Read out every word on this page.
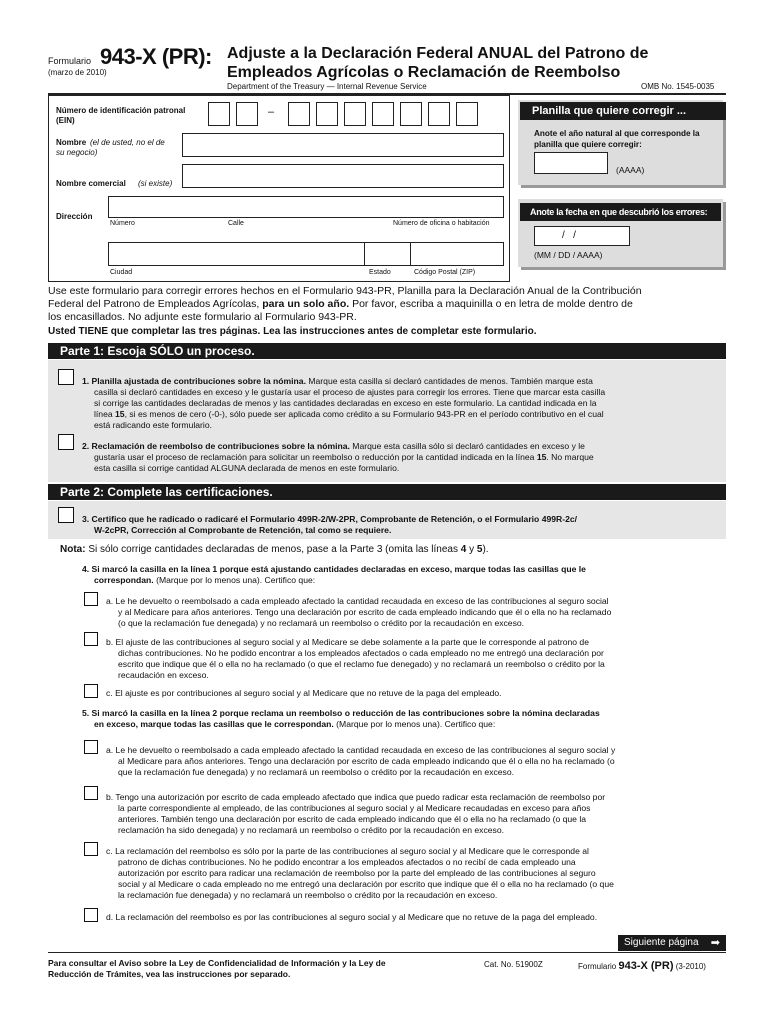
Formulario 943-X (PR):
(marzo de 2010)
Adjuste a la Declaración Federal ANUAL del Patrono de
Empleados Agrícolas o Reclamación de Reembolso
Department of the Treasury — Internal Revenue Service	OMB No. 1545-0035
Número de identificación patronal
(EIN)
–
Nombre (el de usted, no el de su negocio)
Nombre comercial (si existe)
Dirección
Número	Calle	Número de oficina o habitación
Ciudad	Estado	Código Postal (ZIP)
Planilla que quiere corregir ...
Anote el año natural al que corresponde la planilla que quiere corregir:
(AAAA)
Anote la fecha en que descubrió los errores:
/   /
(MM / DD / AAAA)
Use este formulario para corregir errores hechos en el Formulario 943-PR, Planilla para la Declaración Anual de la Contribución
Federal del Patrono de Empleados Agrícolas, para un solo año. Por favor, escriba a maquinilla o en letra de molde dentro de
los encasillados. No adjunte este formulario al Formulario 943-PR.
Usted TIENE que completar las tres páginas. Lea las instrucciones antes de completar este formulario.
Parte 1: Escoja SÓLO un proceso.
1. Planilla ajustada de contribuciones sobre la nómina. Marque esta casilla si declaró cantidades de menos. También marque esta
casilla si declaró cantidades en exceso y le gustaría usar el proceso de ajustes para corregir los errores. Tiene que marcar esta casilla
si corrige las cantidades declaradas de menos y las cantidades declaradas en exceso en este formulario. La cantidad indicada en la
línea 15, si es menos de cero (-0-), sólo puede ser aplicada como crédito a su Formulario 943-PR en el período contributivo en el cual
está radicando este formulario.
2. Reclamación de reembolso de contribuciones sobre la nómina. Marque esta casilla sólo si declaró cantidades en exceso y le
gustaría usar el proceso de reclamación para solicitar un reembolso o reducción por la cantidad indicada en la línea 15. No marque
esta casilla si corrige cantidad ALGUNA declarada de menos en este formulario.
Parte 2: Complete las certificaciones.
3. Certifico que he radicado o radicaré el Formulario 499R-2/W-2PR, Comprobante de Retención, o el Formulario 499R-2c/
W-2cPR, Corrección al Comprobante de Retención, tal como se requiere.
Nota: Si sólo corrige cantidades declaradas de menos, pase a la Parte 3 (omita las líneas 4 y 5).
4. Si marcó la casilla en la línea 1 porque está ajustando cantidades declaradas en exceso, marque todas las casillas que le
correspondan. (Marque por lo menos una). Certifico que:
a. Le he devuelto o reembolsado a cada empleado afectado la cantidad recaudada en exceso de las contribuciones al seguro social
y al Medicare para años anteriores. Tengo una declaración por escrito de cada empleado indicando que él o ella no ha reclamado
(o que la reclamación fue denegada) y no reclamará un reembolso o crédito por la recaudación en exceso.
b. El ajuste de las contribuciones al seguro social y al Medicare se debe solamente a la parte que le corresponde al patrono de
dichas contribuciones. No he podido encontrar a los empleados afectados o cada empleado no me entregó una declaración por
escrito que indique que él o ella no ha reclamado (o que el reclamo fue denegado) y no reclamará un reembolso o crédito por la
recaudación en exceso.
c. El ajuste es por contribuciones al seguro social y al Medicare que no retuve de la paga del empleado.
5. Si marcó la casilla en la línea 2 porque reclama un reembolso o reducción de las contribuciones sobre la nómina declaradas
en exceso, marque todas las casillas que le correspondan. (Marque por lo menos una). Certifico que:
a. Le he devuelto o reembolsado a cada empleado afectado la cantidad recaudada en exceso de las contribuciones al seguro social y
al Medicare para años anteriores. Tengo una declaración por escrito de cada empleado indicando que él o ella no ha reclamado (o
que la reclamación fue denegada) y no reclamará un reembolso o crédito por la recaudación en exceso.
b. Tengo una autorización por escrito de cada empleado afectado que indica que puedo radicar esta reclamación de reembolso por
la parte correspondiente al empleado, de las contribuciones al seguro social y al Medicare recaudadas en exceso para años
anteriores. También tengo una declaración por escrito de cada empleado indicando que él o ella no ha reclamado (o que la
reclamación ha sido denegada) y no reclamará un reembolso o crédito por la recaudación en exceso.
c. La reclamación del reembolso es sólo por la parte de las contribuciones al seguro social y al Medicare que le corresponde al
patrono de dichas contribuciones. No he podido encontrar a los empleados afectados o no recibí de cada empleado una
autorización por escrito para radicar una reclamación de reembolso por la parte del empleado de las contribuciones al seguro
social y al Medicare o cada empleado no me entregó una declaración por escrito que indique que él o ella no ha reclamado (o que
la reclamación fue denegada) y no reclamará un reembolso o crédito por la recaudación en exceso.
d. La reclamación del reembolso es por las contribuciones al seguro social y al Medicare que no retuve de la paga del empleado.
Siguiente página ➡
Para consultar el Aviso sobre la Ley de Confidencialidad de Información y la Ley de
Reducción de Trámites, vea las instrucciones por separado.
Cat. No. 51900Z	Formulario 943-X (PR) (3-2010)
